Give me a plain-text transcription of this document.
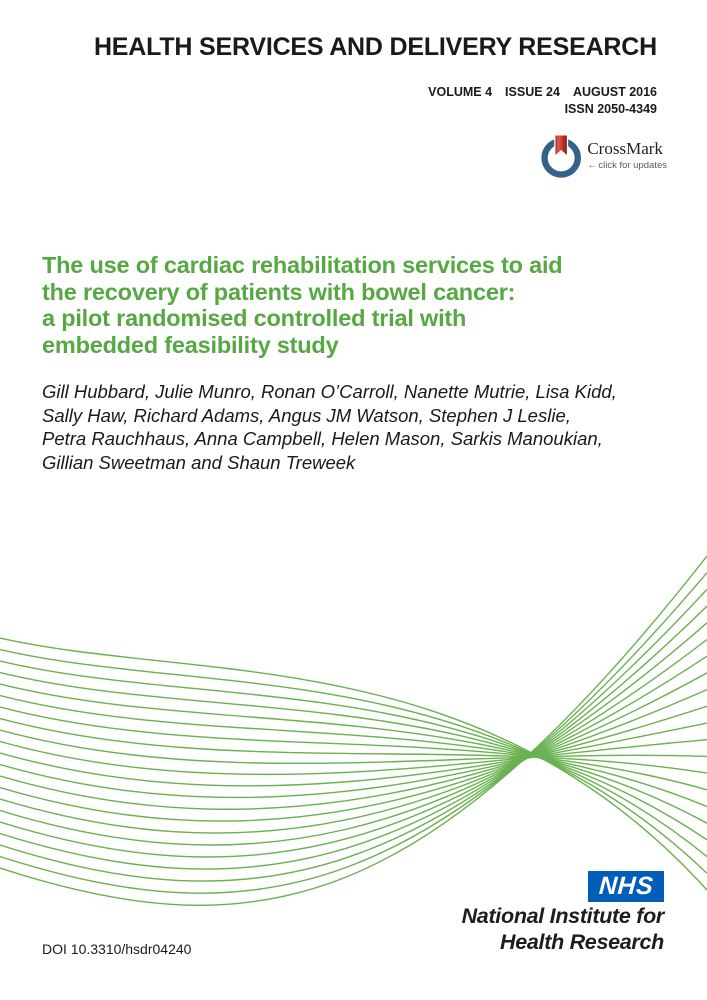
HEALTH SERVICES AND DELIVERY RESEARCH
VOLUME 4 ISSUE 24 AUGUST 2016
ISSN 2050-4349
CrossMark
←click for updates
The use of cardiac rehabilitation services to aid
the recovery of patients with bowel cancer:
a pilot randomised controlled trial with
embedded feasibility study
Gill Hubbard, Julie Munro, Ronan O’Carroll, Nanette Mutrie, Lisa Kidd,
Sally Haw, Richard Adams, Angus JM Watson, Stephen J Leslie,
Petra Rauchhaus, Anna Campbell, Helen Mason, Sarkis Manoukian,
Gillian Sweetman and Shaun Treweek
NHS
National Institute for
Health Research
DOI 10.3310/hsdr04240
